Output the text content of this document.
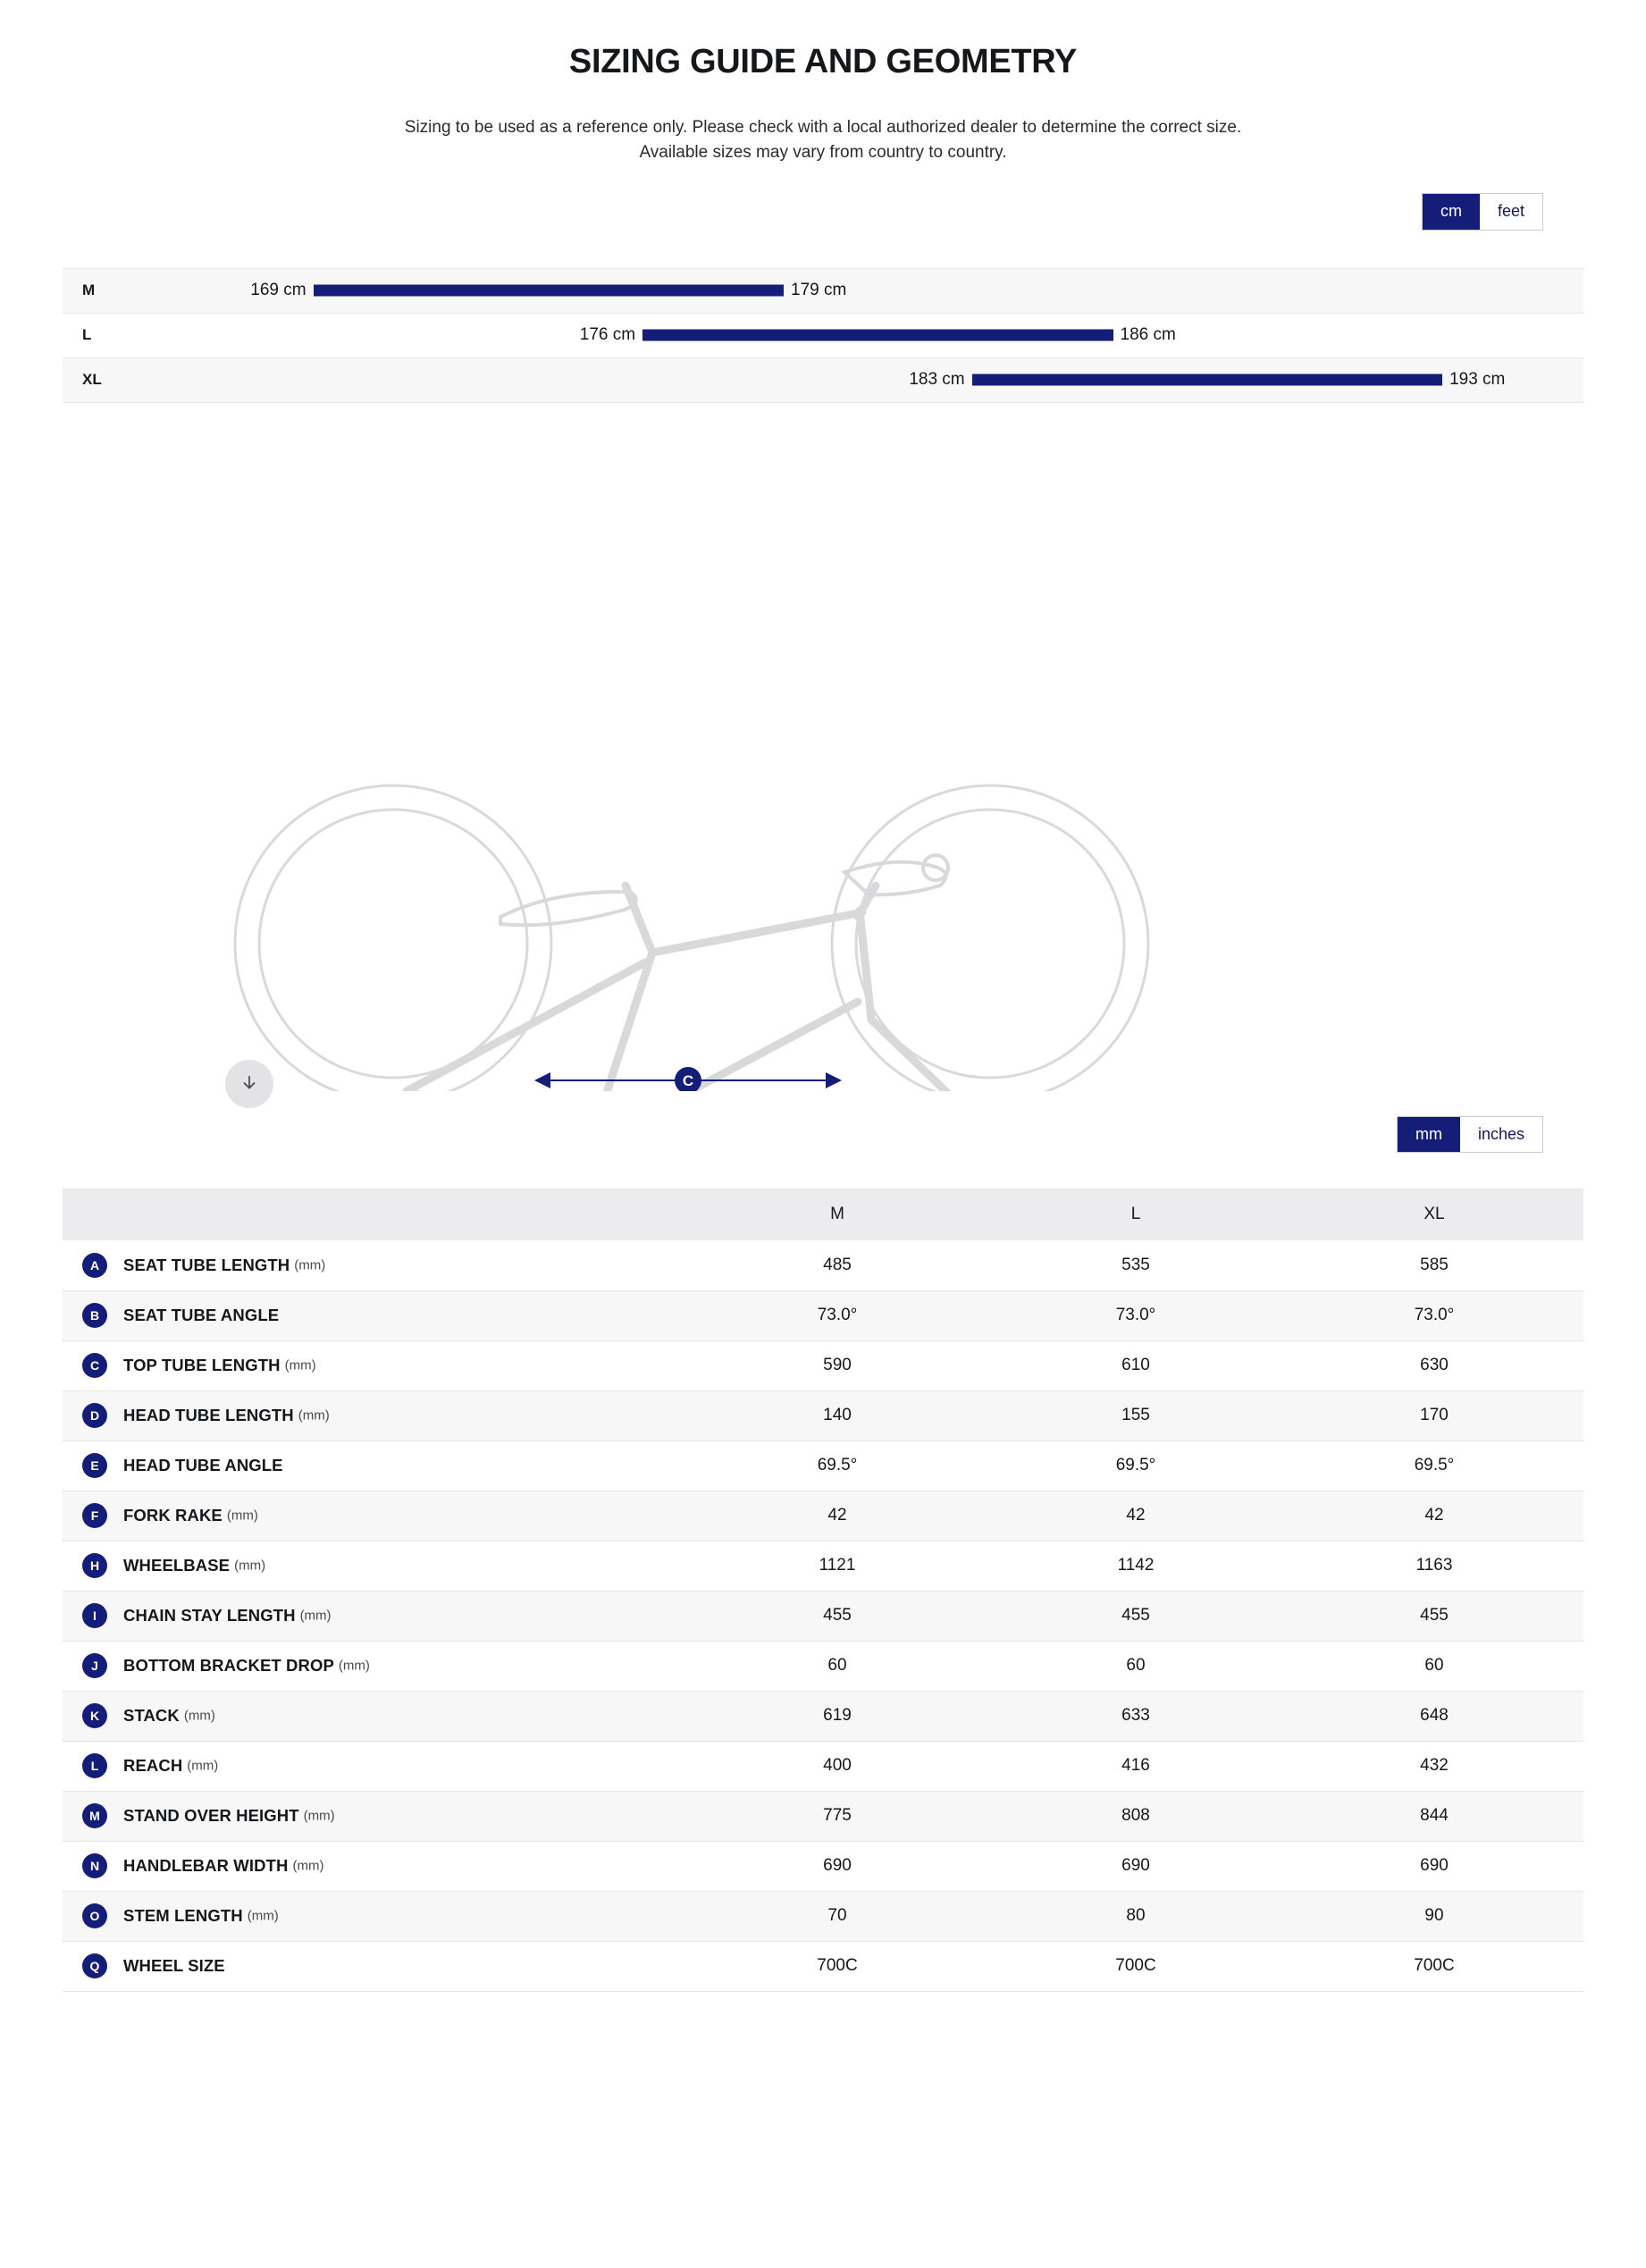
SIZING GUIDE AND GEOMETRY
Sizing to be used as a reference only. Please check with a local authorized dealer to determine the correct size.
Available sizes may vary from country to country.
cm	feet
M	169 cm	179 cm
L	176 cm	186 cm
XL	183 cm	193 cm
C
mm	inches
	M	L	XL
A SEAT TUBE LENGTH (mm)	485	535	585
B SEAT TUBE ANGLE	73.0°	73.0°	73.0°
C TOP TUBE LENGTH (mm)	590	610	630
D HEAD TUBE LENGTH (mm)	140	155	170
E HEAD TUBE ANGLE	69.5°	69.5°	69.5°
F FORK RAKE (mm)	42	42	42
H WHEELBASE (mm)	1121	1142	1163
I CHAIN STAY LENGTH (mm)	455	455	455
J BOTTOM BRACKET DROP (mm)	60	60	60
K STACK (mm)	619	633	648
L REACH (mm)	400	416	432
M STAND OVER HEIGHT (mm)	775	808	844
N HANDLEBAR WIDTH (mm)	690	690	690
O STEM LENGTH (mm)	70	80	90
Q WHEEL SIZE	700C	700C	700C
